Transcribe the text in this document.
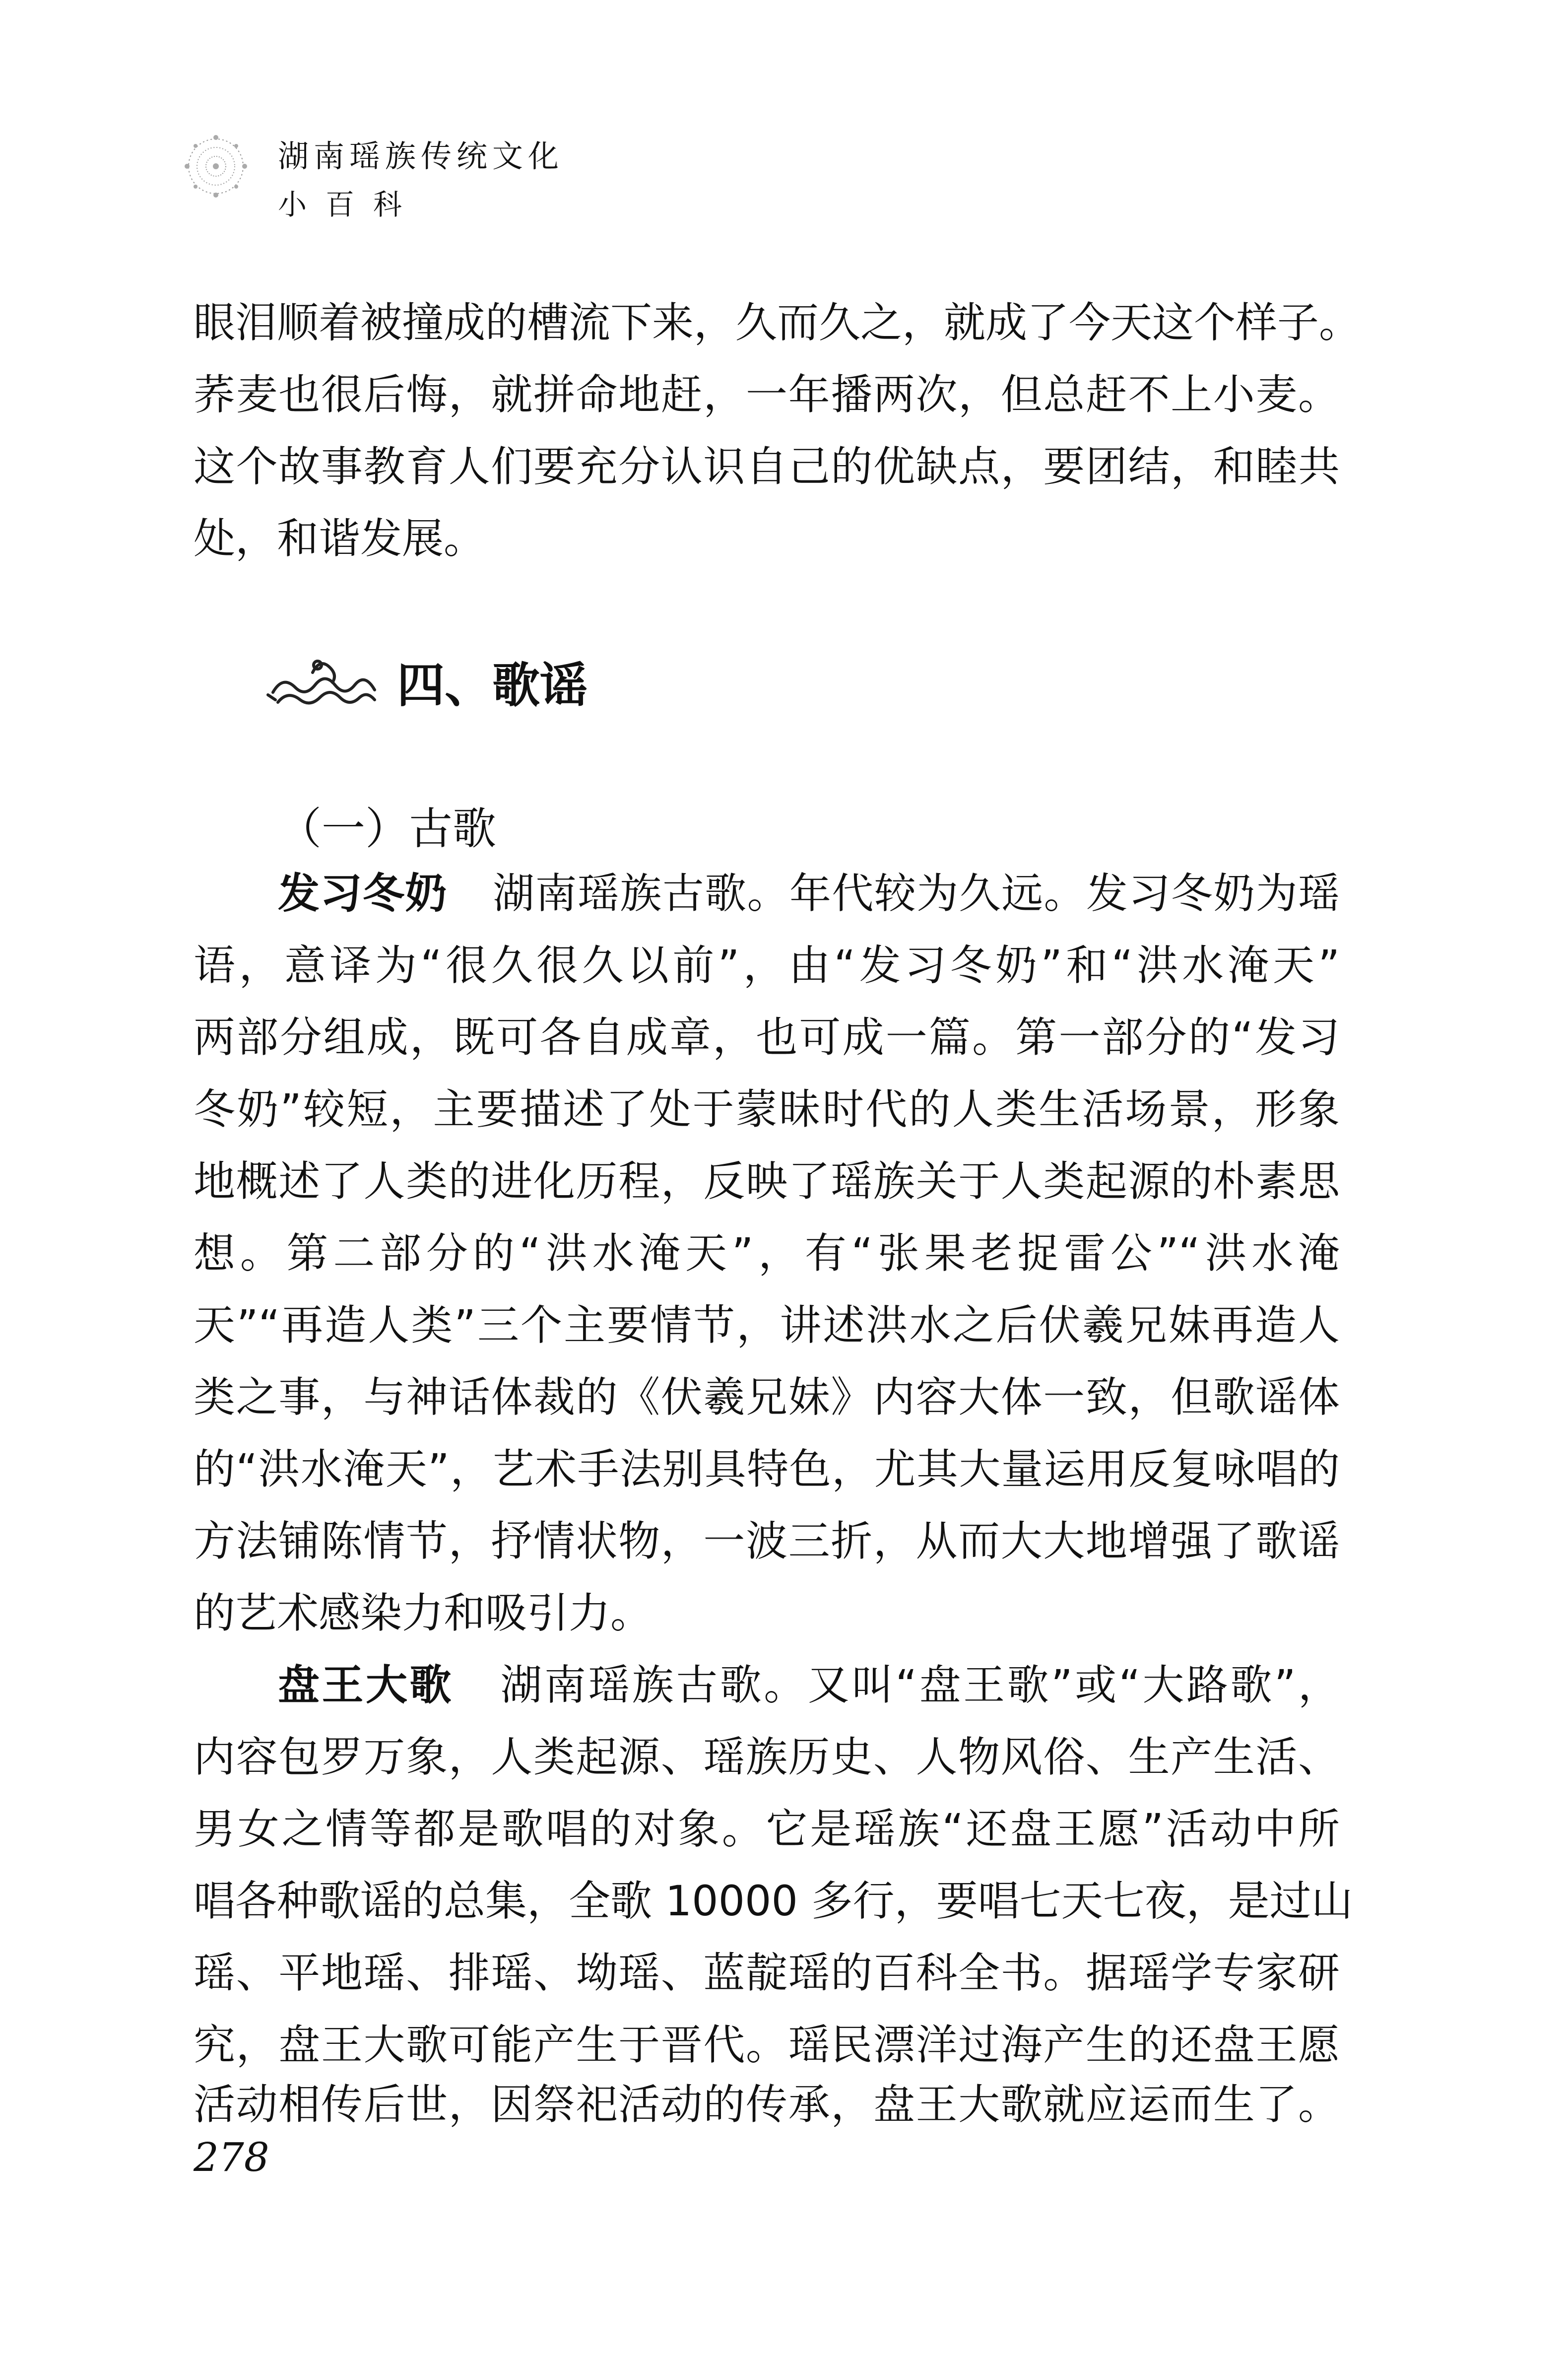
湖南瑶族传统文化
小百科
眼泪顺着被撞成的槽流下来，久而久之，就成了今天这个样子。
荞麦也很后悔，就拼命地赶，一年播两次，但总赶不上小麦。
这个故事教育人们要充分认识自己的优缺点，要团结，和睦共
处，和谐发展。
四、歌谣
（一）古歌
发习冬奶 湖南瑶族古歌。年代较为久远。发习冬奶为瑶
语，意译为“很久很久以前”，由“发习冬奶”和“洪水淹天”
两部分组成，既可各自成章，也可成一篇。第一部分的“发习
冬奶”较短，主要描述了处于蒙昧时代的人类生活场景，形象
地概述了人类的进化历程，反映了瑶族关于人类起源的朴素思
想。第二部分的“洪水淹天”，有“张果老捉雷公”“洪水淹
天”“再造人类”三个主要情节，讲述洪水之后伏羲兄妹再造人
类之事，与神话体裁的《伏羲兄妹》内容大体一致，但歌谣体
的“洪水淹天”，艺术手法别具特色，尤其大量运用反复咏唱的
方法铺陈情节，抒情状物，一波三折，从而大大地增强了歌谣
的艺术感染力和吸引力。
盘王大歌 湖南瑶族古歌。又叫“盘王歌”或“大路歌”，
内容包罗万象，人类起源、瑶族历史、人物风俗、生产生活、
男女之情等都是歌唱的对象。它是瑶族“还盘王愿”活动中所
唱各种歌谣的总集，全歌 10000 多行，要唱七天七夜，是过山
瑶、平地瑶、排瑶、坳瑶、蓝靛瑶的百科全书。据瑶学专家研
究，盘王大歌可能产生于晋代。瑶民漂洋过海产生的还盘王愿
活动相传后世，因祭祀活动的传承，盘王大歌就应运而生了。
278
